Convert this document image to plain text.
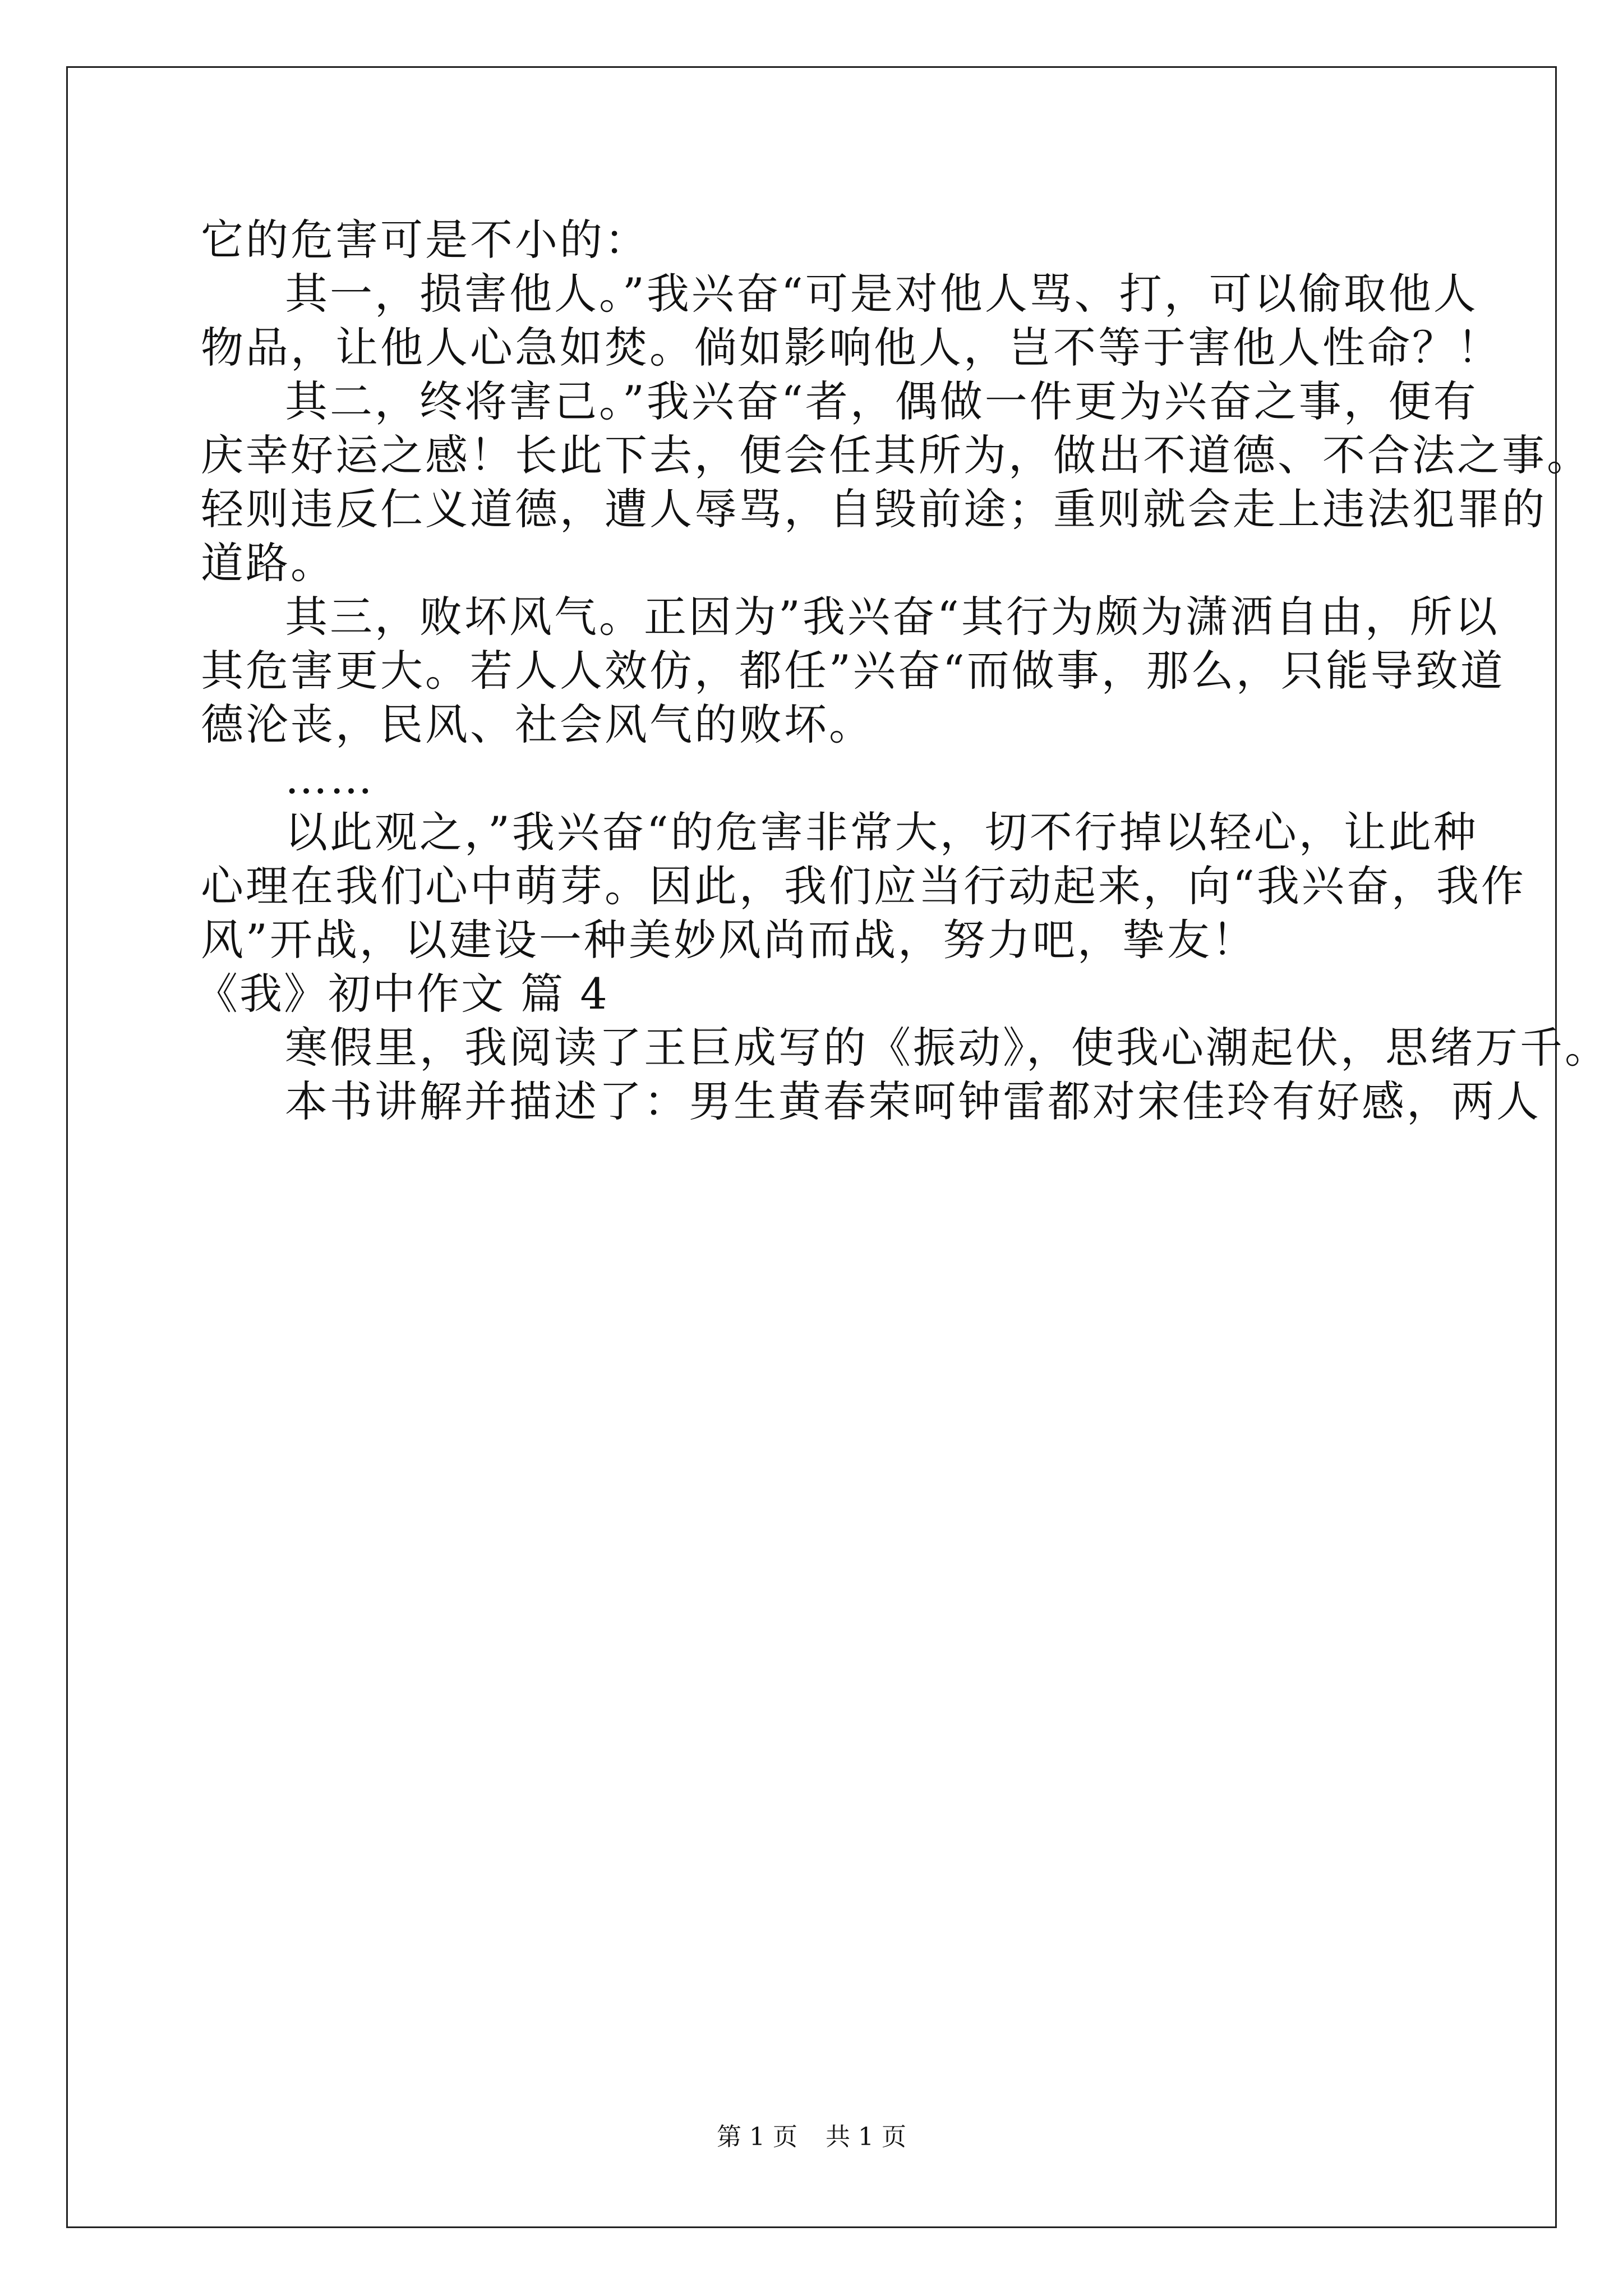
它的危害可是不小的：

其一，损害他人。”我兴奋“可是对他人骂、打，可以偷取他人

物品，让他人心急如焚。倘如影响他人，岂不等于害他人性命？！

其二，终将害己。”我兴奋“者，偶做一件更为兴奋之事，便有

庆幸好运之感！长此下去，便会任其所为，做出不道德、不合法之事。

轻则违反仁义道德，遭人辱骂，自毁前途；重则就会走上违法犯罪的

道路。

其三，败坏风气。正因为”我兴奋“其行为颇为潇洒自由，所以

其危害更大。若人人效仿，都任”兴奋“而做事，那么，只能导致道

德沦丧，民风、社会风气的败坏。

……

以此观之，”我兴奋“的危害非常大，切不行掉以轻心，让此种

心理在我们心中萌芽。因此，我们应当行动起来，向“我兴奋，我作

风”开战，以建设一种美妙风尚而战，努力吧，挚友！

《我》初中作文 篇 4

寒假里，我阅读了王巨成写的《振动》，使我心潮起伏，思绪万千。

本书讲解并描述了：男生黄春荣呵钟雷都对宋佳玲有好感，两人

第 1 页 共 1 页
